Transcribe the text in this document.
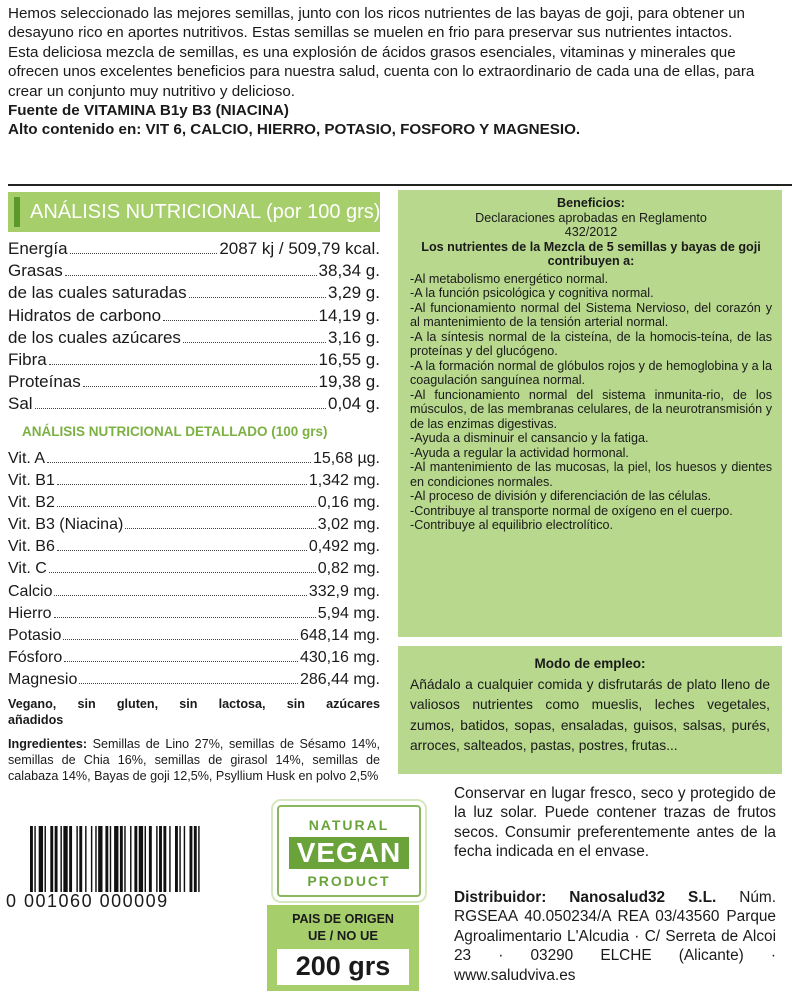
Hemos seleccionado las mejores semillas, junto con los ricos nutrientes de las bayas de goji, para obtener un desayuno rico en aportes nutritivos. Estas semillas se muelen en frio para preservar sus nutrientes intactos.

Esta deliciosa mezcla de semillas, es una explosión de ácidos grasos esenciales, vitaminas y minerales que ofrecen unos excelentes beneficios para nuestra salud, cuenta con lo extraordinario de cada una de ellas, para crear un conjunto muy nutritivo y delicioso.

Fuente de VITAMINA B1y B3 (NIACINA)

Alto contenido en: VIT 6, CALCIO, HIERRO, POTASIO, FOSFORO Y MAGNESIO.

ANÁLISIS NUTRICIONAL (por 100 grs)
Energía	2087 kj / 509,79 kcal.
Grasas	38,34 g.
de las cuales saturadas	3,29 g.
Hidratos de carbono	14,19 g.
de los cuales azúcares	3,16 g.
Fibra	16,55 g.
Proteínas	19,38 g.
Sal	0,04 g.
ANÁLISIS NUTRICIONAL DETALLADO (100 grs)
Vit. A	15,68 µg.
Vit. B1	1,342 mg.
Vit. B2	0,16 mg.
Vit. B3 (Niacina)	3,02 mg.
Vit. B6	0,492 mg.
Vit. C	0,82 mg.
Calcio	332,9 mg.
Hierro	5,94 mg.
Potasio	648,14 mg.
Fósforo	430,16 mg.
Magnesio	286,44 mg.
Vegano, sin gluten, sin lactosa, sin azúcares
añadidos
Ingredientes: Semillas de Lino 27%, semillas de Sésamo 14%, semillas de Chia 16%, semillas de girasol 14%, semillas de calabaza 14%, Bayas de goji 12,5%, Psyllium Husk en polvo 2,5%
0 001060 000009
NATURAL
VEGAN
PRODUCT
PAIS DE ORIGEN
UE / NO UE
200 grs
Beneficios:
Declaraciones aprobadas en Reglamento
432/2012
Los nutrientes de la Mezcla de 5 semillas y bayas de goji contribuyen a:

-Al metabolismo energético normal.

-A la función psicológica y cognitiva normal.

-Al funcionamiento normal del Sistema Nervioso, del corazón y al mantenimiento de la tensión arterial normal.

-A la síntesis normal de la cisteína, de la homocis-teína, de las proteínas y del glucógeno.

-A la formación normal de glóbulos rojos y de hemoglobina y a la coagulación sanguínea normal.

-Al funcionamiento normal del sistema inmunita-rio, de los músculos, de las membranas celulares, de la neurotransmisión y de las enzimas digestivas.

-Ayuda a disminuir el cansancio y la fatiga.

-Ayuda a regular la actividad hormonal.

-Al mantenimiento de las mucosas, la piel, los huesos y dientes en condiciones normales.

-Al proceso de división y diferenciación de las células.

-Contribuye al transporte normal de oxígeno en el cuerpo.

-Contribuye al equilibrio electrolítico.

Modo de empleo:
Añádalo a cualquier comida y disfrutarás de plato lleno de valiosos nutrientes como mueslis, leches vegetales, zumos, batidos, sopas, ensaladas, guisos, salsas, purés, arroces, salteados, pastas, postres, frutas...
Conservar en lugar fresco, seco y protegido de la luz solar. Puede contener trazas de frutos secos. Consumir preferentemente antes de la fecha indicada en el envase.
Distribuidor: Nanosalud32 S.L. Núm. RGSEAA 40.050234/A REA 03/43560 Parque Agroalimentario L'Alcudia · C/ Serreta de Alcoi 23 · 03290 ELCHE (Alicante) · www.saludviva.es
